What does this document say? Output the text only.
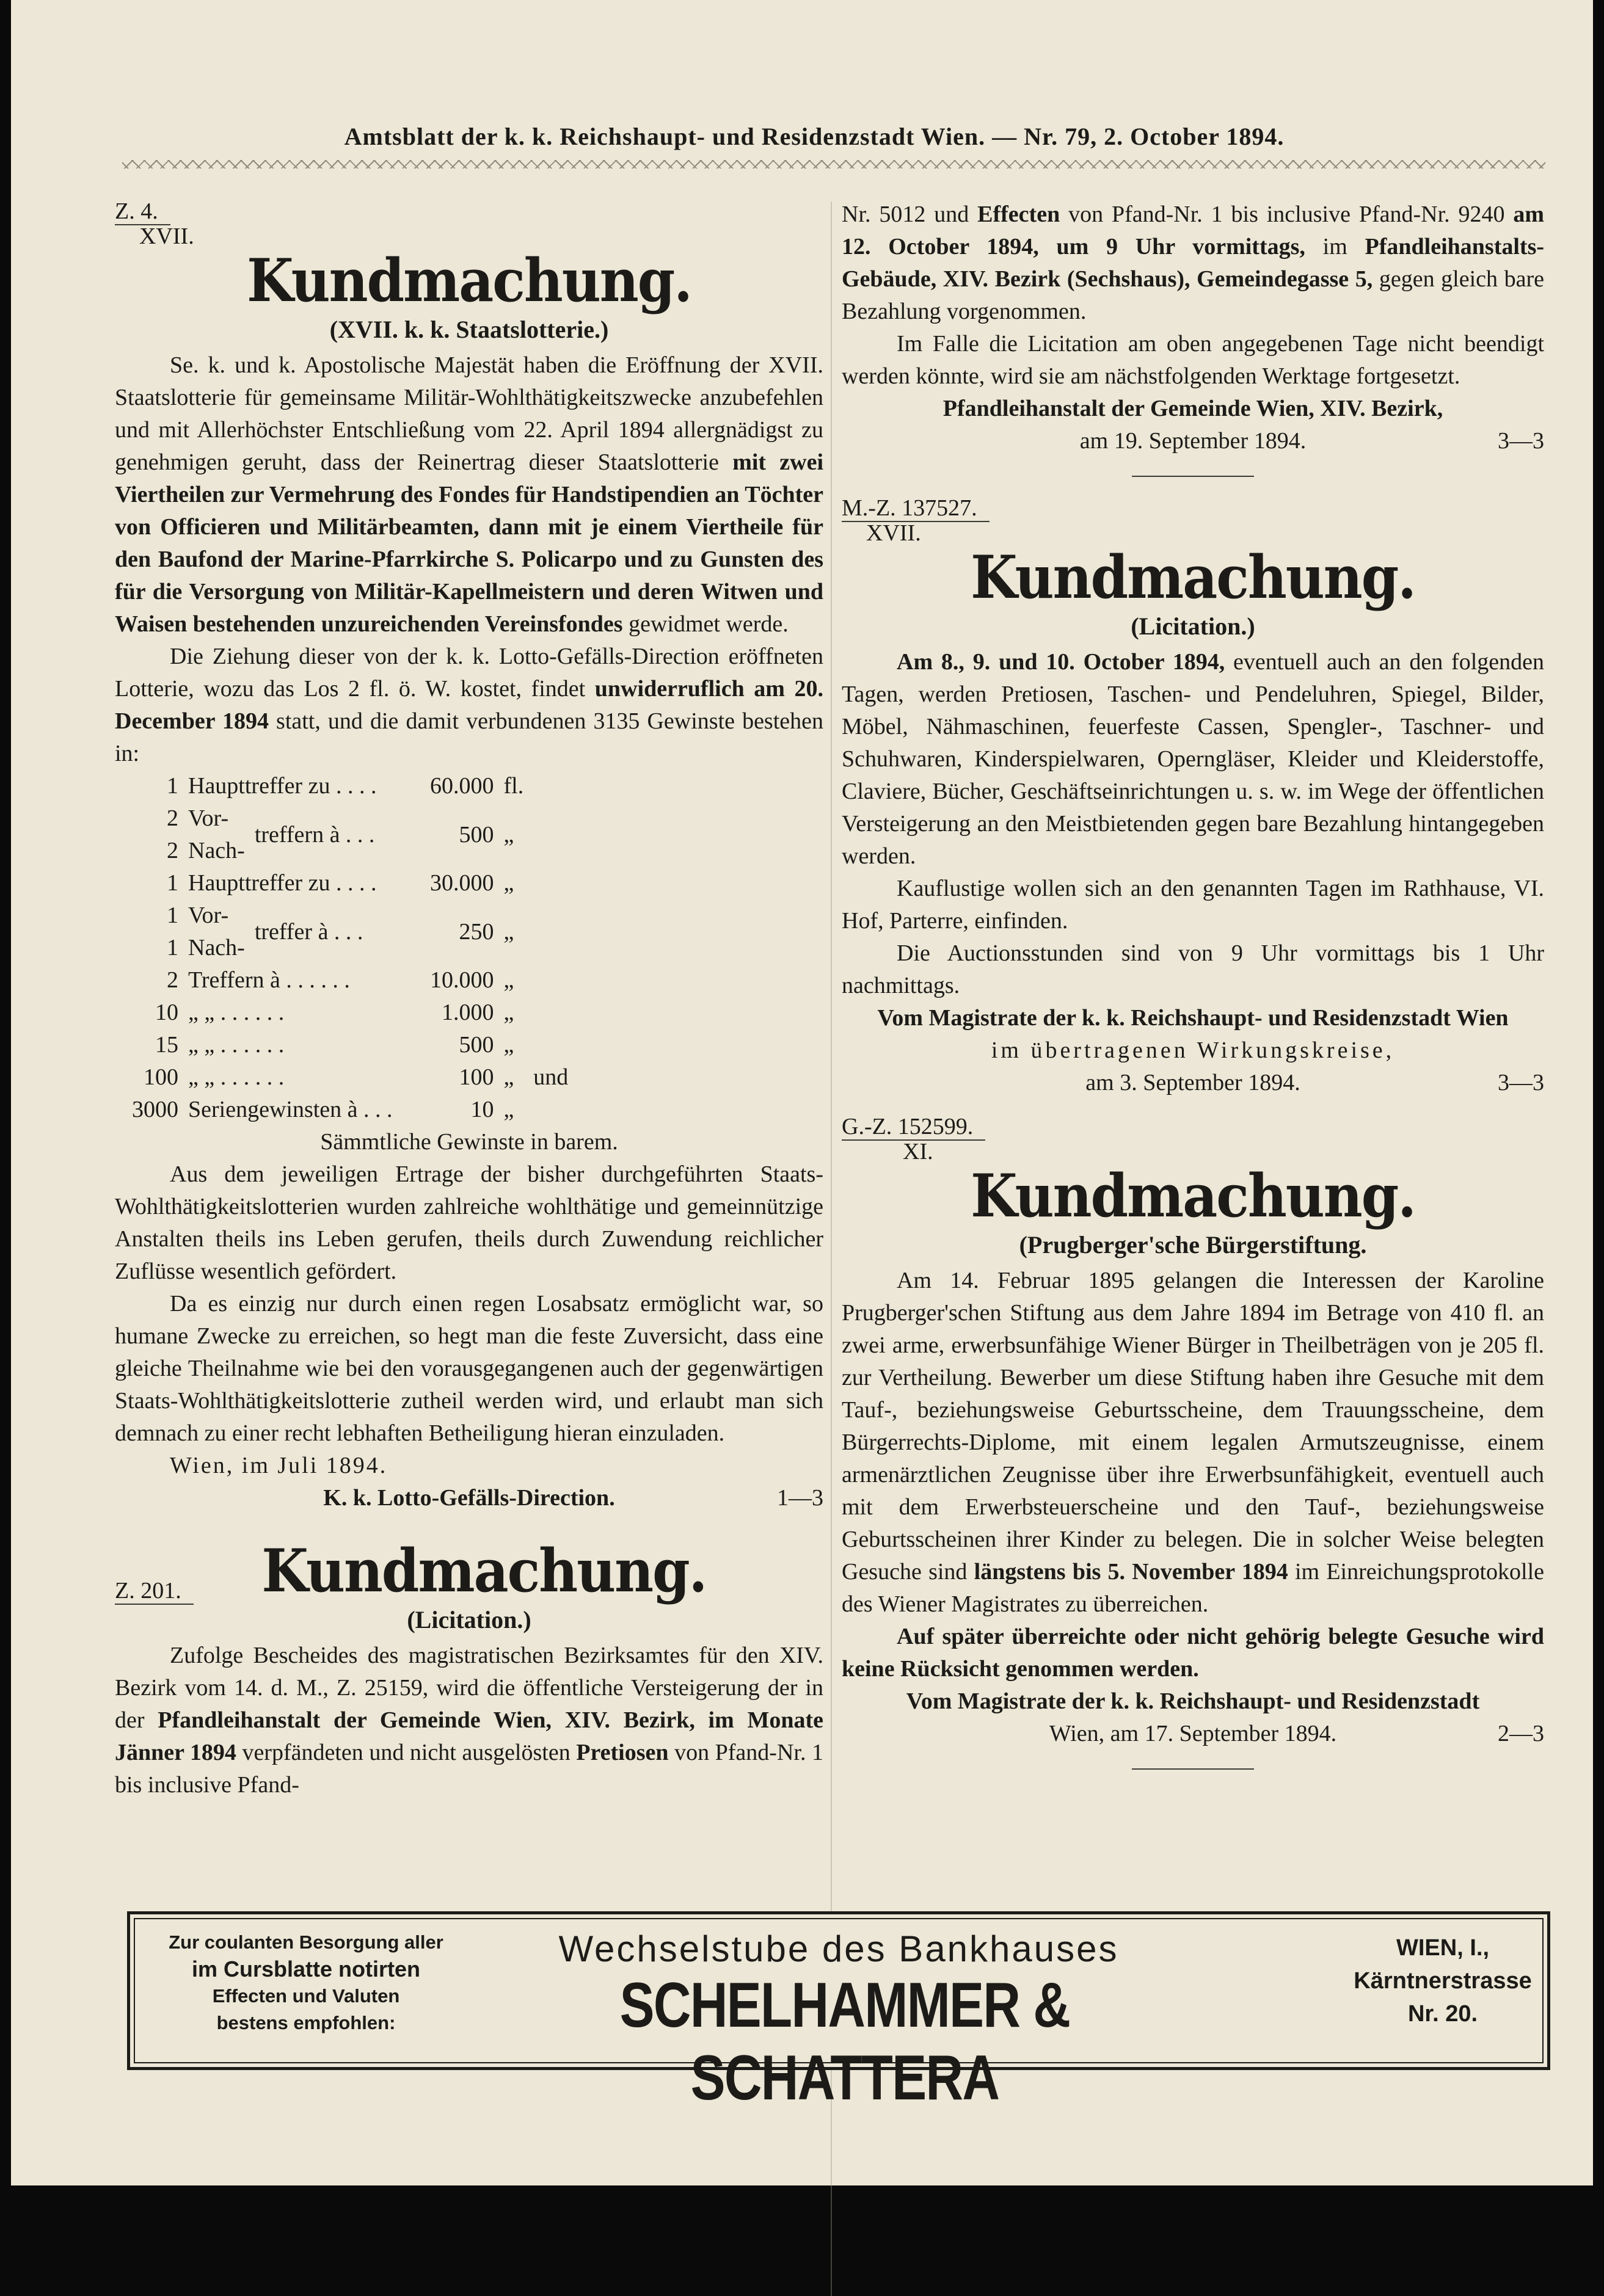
Amtsblatt der k. k. Reichshaupt- und Residenzstadt Wien. — Nr. 79, 2. October 1894.
Z. 4.
XVII.
Kundmachung.
(XVII. k. k. Staatslotterie.)

Se. k. und k. Apostolische Majestät haben die Eröffnung der XVII. Staatslotterie für gemeinsame Militär-Wohlthätigkeitszwecke anzubefehlen und mit Allerhöchster Entschließung vom 22. April 1894 allergnädigst zu genehmigen geruht, dass der Reinertrag dieser Staatslotterie mit zwei Viertheilen zur Vermehrung des Fondes für Handstipendien an Töchter von Officieren und Militärbeamten, dann mit je einem Viertheile für den Baufond der Marine-Pfarrkirche S. Policarpo und zu Gunsten des für die Versorgung von Militär-Kapellmeistern und deren Witwen und Waisen bestehenden unzureichenden Vereinsfondes gewidmet werde.

Die Ziehung dieser von der k. k. Lotto-Gefälls-Direction eröffneten Lotterie, wozu das Los 2 fl. ö. W. kostet, findet unwiderruflich am 20. December 1894 statt, und die damit verbundenen 3135 Gewinste bestehen in:

1	Haupttreffer zu . . . .		60.000	fl.	
2	Vor-	treffern à . . .	500	„	
2	Nach-				
1	Haupttreffer zu . . . .		30.000	„	
1	Vor-	treffer à . . .	250	„	
1	Nach-				
2	Treffern à . . . . . .		10.000	„	
10	„ „ . . . . . .		1.000	„	
15	„ „ . . . . . .		500	„	
100	„ „ . . . . . .		100	„	und
3000	Seriengewinsten à . . .		10	„	
Sämmtliche Gewinste in barem.

Aus dem jeweiligen Ertrage der bisher durchgeführten Staats-Wohlthätigkeitslotterien wurden zahlreiche wohlthätige und gemeinnützige Anstalten theils ins Leben gerufen, theils durch Zuwendung reichlicher Zuflüsse wesentlich gefördert.

Da es einzig nur durch einen regen Losabsatz ermöglicht war, so humane Zwecke zu erreichen, so hegt man die feste Zuversicht, dass eine gleiche Theilnahme wie bei den vorausgegangenen auch der gegenwärtigen Staats-Wohlthätigkeitslotterie zutheil werden wird, und erlaubt man sich demnach zu einer recht lebhaften Betheiligung hieran einzuladen.

Wien, im Juli 1894.

K. k. Lotto-Gefälls-Direction.	1—3
Z. 201.	Kundmachung.
(Licitation.)

Zufolge Bescheides des magistratischen Bezirksamtes für den XIV. Bezirk vom 14. d. M., Z. 25159, wird die öffentliche Versteigerung der in der Pfandleihanstalt der Gemeinde Wien, XIV. Bezirk, im Monate Jänner 1894 verpfändeten und nicht ausgelösten Pretiosen von Pfand-Nr. 1 bis inclusive Pfand-

Nr. 5012 und Effecten von Pfand-Nr. 1 bis inclusive Pfand-Nr. 9240 am 12. October 1894, um 9 Uhr vormittags, im Pfandleihanstalts-Gebäude, XIV. Bezirk (Sechshaus), Gemeindegasse 5, gegen gleich bare Bezahlung vorgenommen.

Im Falle die Licitation am oben angegebenen Tage nicht beendigt werden könnte, wird sie am nächstfolgenden Werktage fortgesetzt.

Pfandleihanstalt der Gemeinde Wien, XIV. Bezirk,
am 19. September 1894.	3—3
M.-Z. 137527.
XVII.
Kundmachung.
(Licitation.)

Am 8., 9. und 10. October 1894, eventuell auch an den folgenden Tagen, werden Pretiosen, Taschen- und Pendeluhren, Spiegel, Bilder, Möbel, Nähmaschinen, feuerfeste Cassen, Spengler-, Taschner- und Schuhwaren, Kinderspielwaren, Operngläser, Kleider und Kleiderstoffe, Claviere, Bücher, Geschäftseinrichtungen u. s. w. im Wege der öffentlichen Versteigerung an den Meistbietenden gegen bare Bezahlung hintangegeben werden.

Kauflustige wollen sich an den genannten Tagen im Rathhause, VI. Hof, Parterre, einfinden.

Die Auctionsstunden sind von 9 Uhr vormittags bis 1 Uhr nachmittags.

Vom Magistrate der k. k. Reichshaupt- und Residenzstadt Wien
im übertragenen Wirkungskreise,
am 3. September 1894.	3—3
G.-Z. 152599.
XI.
Kundmachung.
(Prugberger'sche Bürgerstiftung.

Am 14. Februar 1895 gelangen die Interessen der Karoline Prugberger'schen Stiftung aus dem Jahre 1894 im Betrage von 410 fl. an zwei arme, erwerbsunfähige Wiener Bürger in Theilbeträgen von je 205 fl. zur Vertheilung. Bewerber um diese Stiftung haben ihre Gesuche mit dem Tauf-, beziehungsweise Geburtsscheine, dem Trauungsscheine, dem Bürgerrechts-Diplome, mit einem legalen Armutszeugnisse, einem armenärztlichen Zeugnisse über ihre Erwerbsunfähigkeit, eventuell auch mit dem Erwerbsteuerscheine und den Tauf-, beziehungsweise Geburtsscheinen ihrer Kinder zu belegen. Die in solcher Weise belegten Gesuche sind längstens bis 5. November 1894 im Einreichungsprotokolle des Wiener Magistrates zu überreichen.

Auf später überreichte oder nicht gehörig belegte Gesuche wird keine Rücksicht genommen werden.

Vom Magistrate der k. k. Reichshaupt- und Residenzstadt
Wien, am 17. September 1894.	2—3
Zur coulanten Besorgung aller
im Cursblatte notirten
Effecten und Valuten
bestens empfohlen:
Wechselstube des Bankhauses
SCHELHAMMER & SCHATTERA
WIEN, I.,
Kärntnerstrasse
Nr. 20.
